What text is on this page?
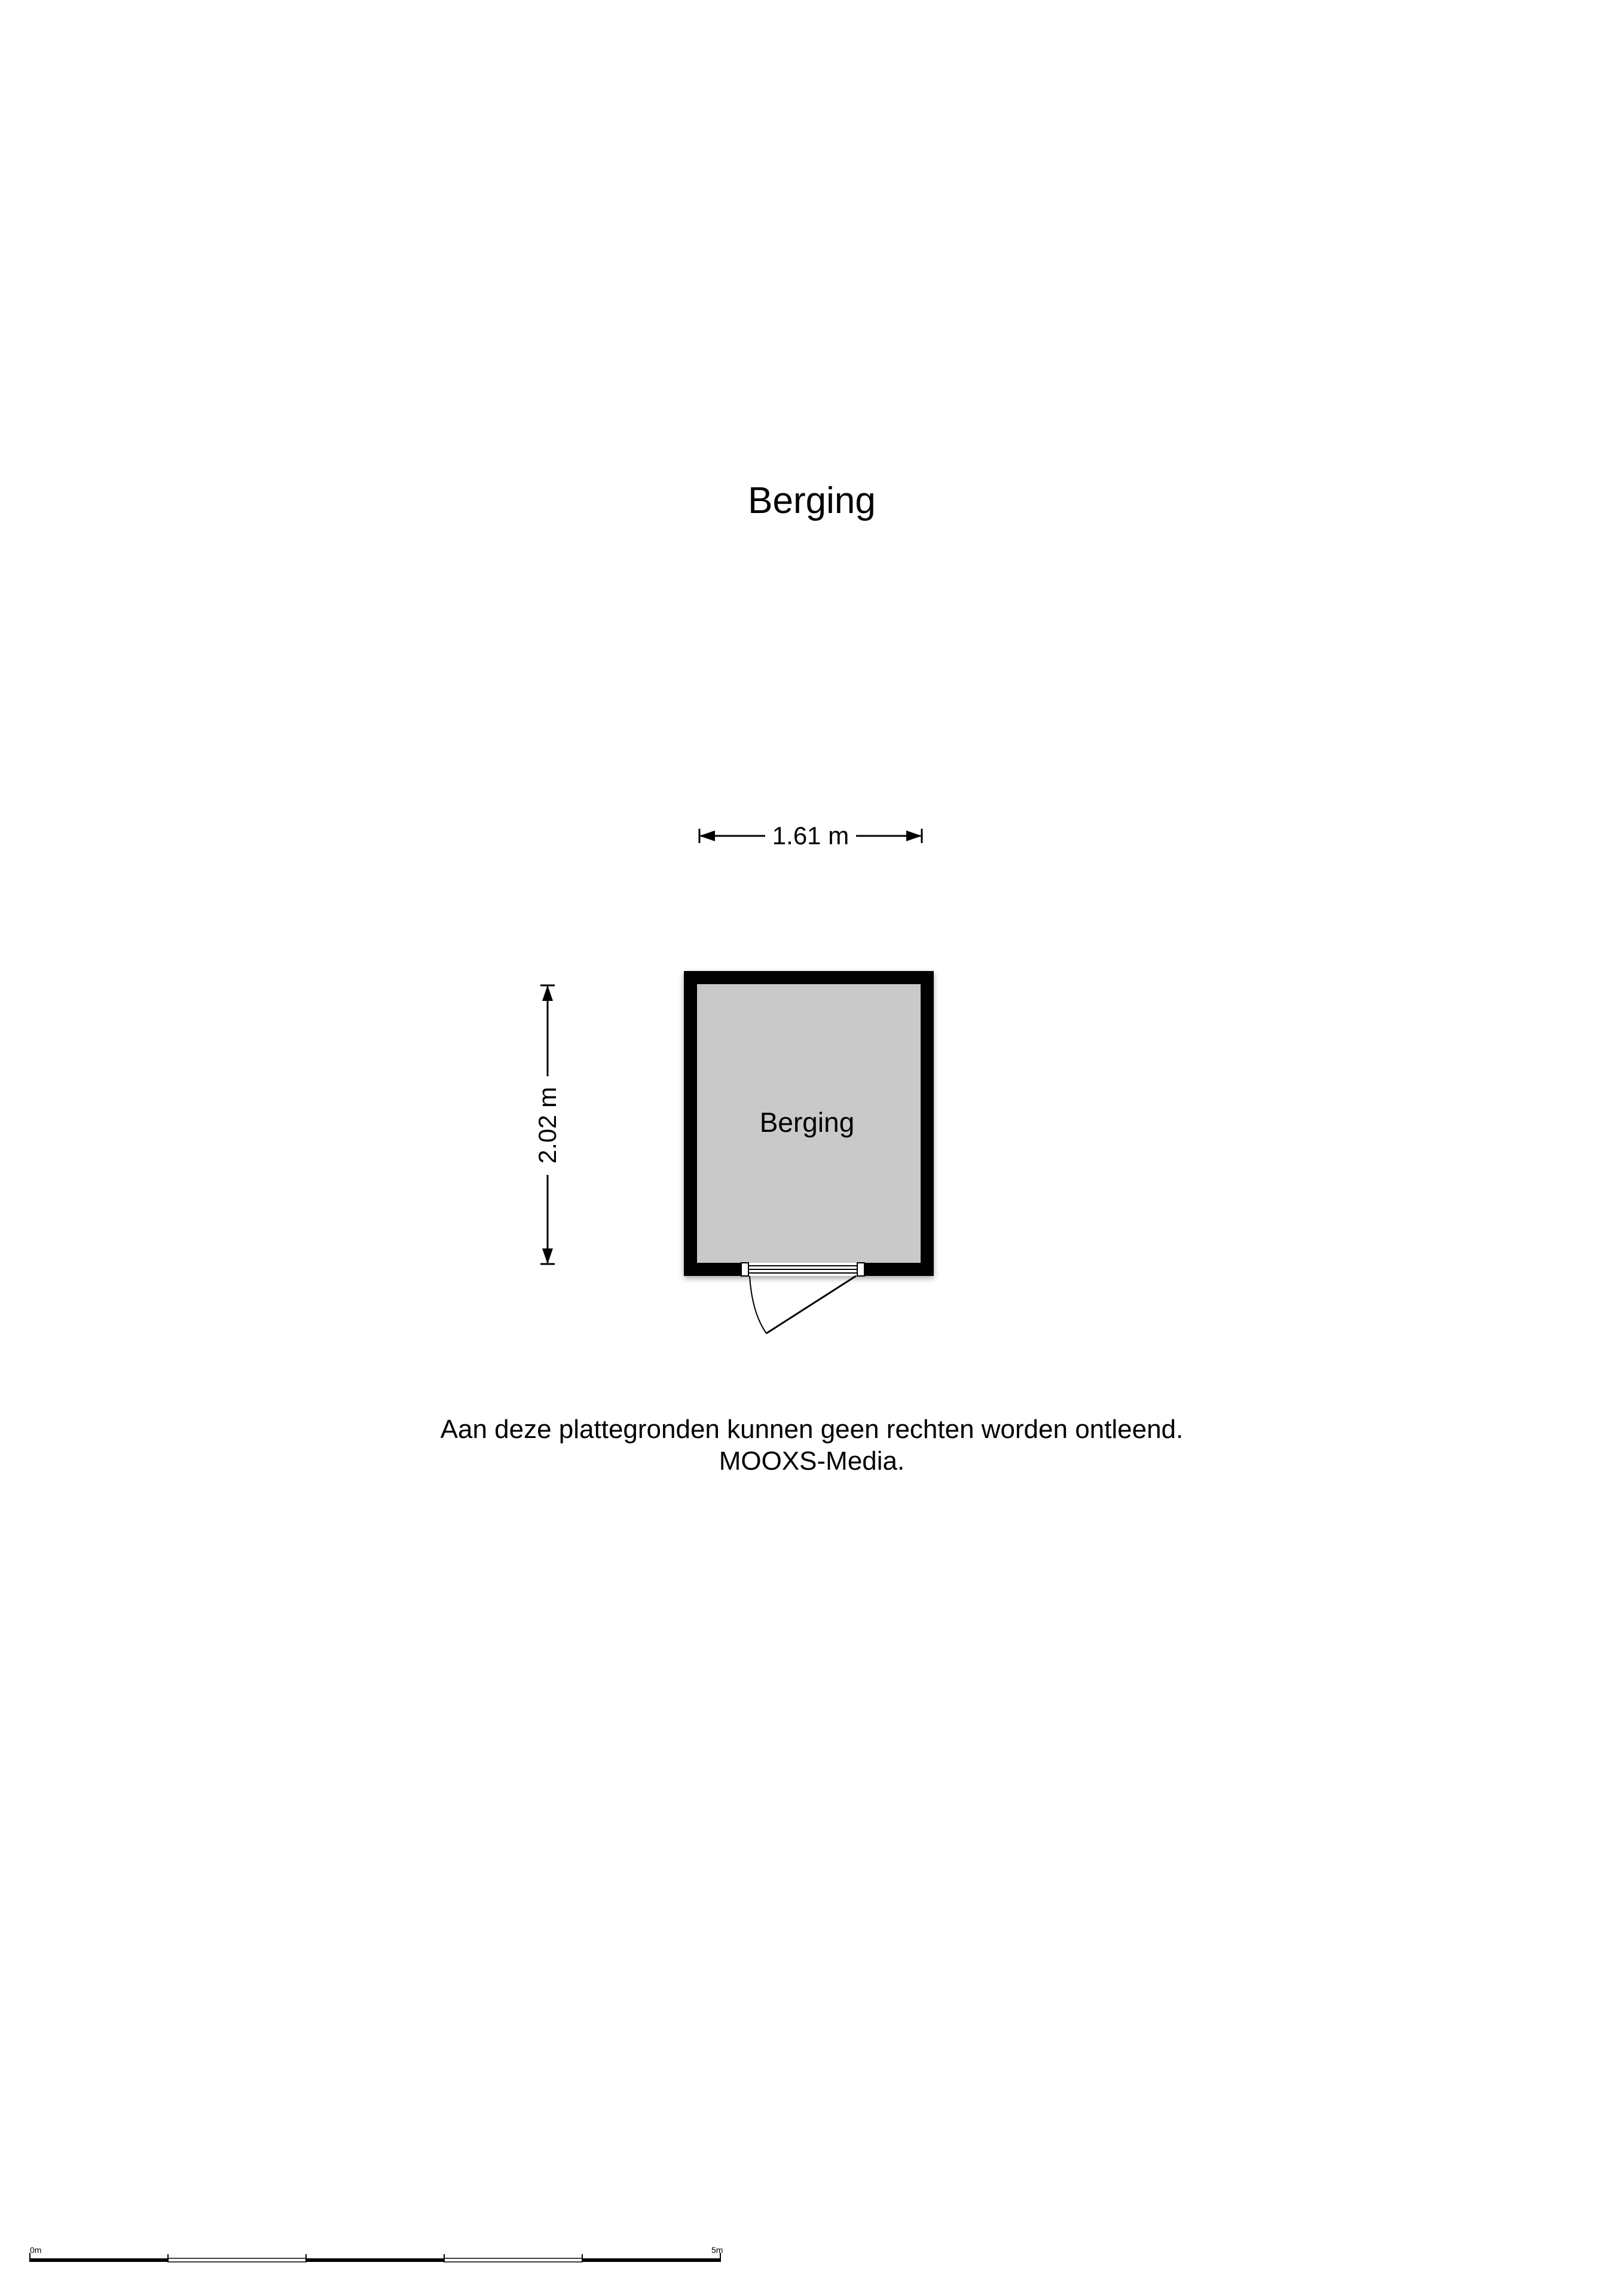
Berging
1.61 m
2.02 m	Berging
Aan deze plattegronden kunnen geen rechten worden ontleend.
MOOXS-Media.
0m	5m
